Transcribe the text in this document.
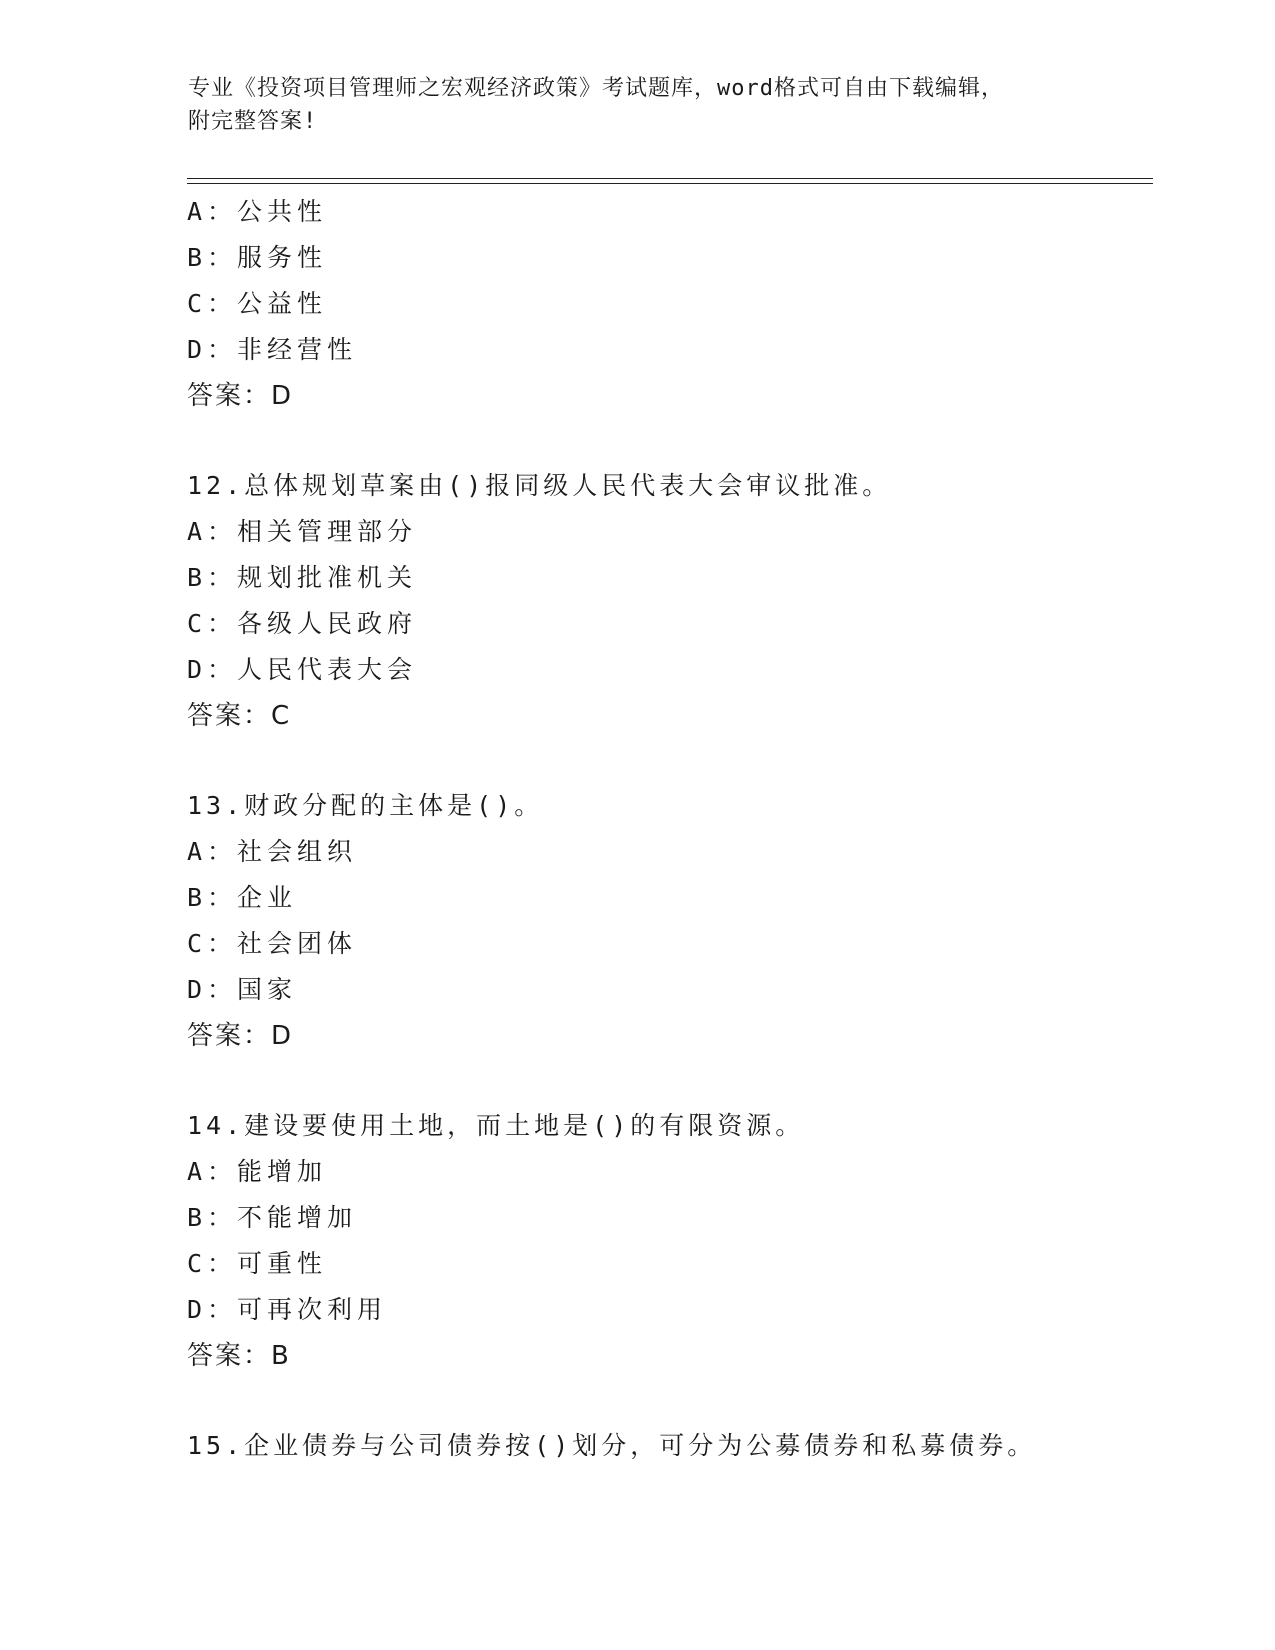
专业《投资项目管理师之宏观经济政策》考试题库，word格式可自由下载编辑，
附完整答案!
A：公共性
B：服务性
C：公益性
D：非经营性
答案：D
12.总体规划草案由()报同级人民代表大会审议批准。
A：相关管理部分
B：规划批准机关
C：各级人民政府
D：人民代表大会
答案：C
13.财政分配的主体是()。
A：社会组织
B：企业
C：社会团体
D：国家
答案：D
14.建设要使用土地，而土地是()的有限资源。
A：能增加
B：不能增加
C：可重性
D：可再次利用
答案：B
15.企业债券与公司债券按()划分，可分为公募债券和私募债券。
